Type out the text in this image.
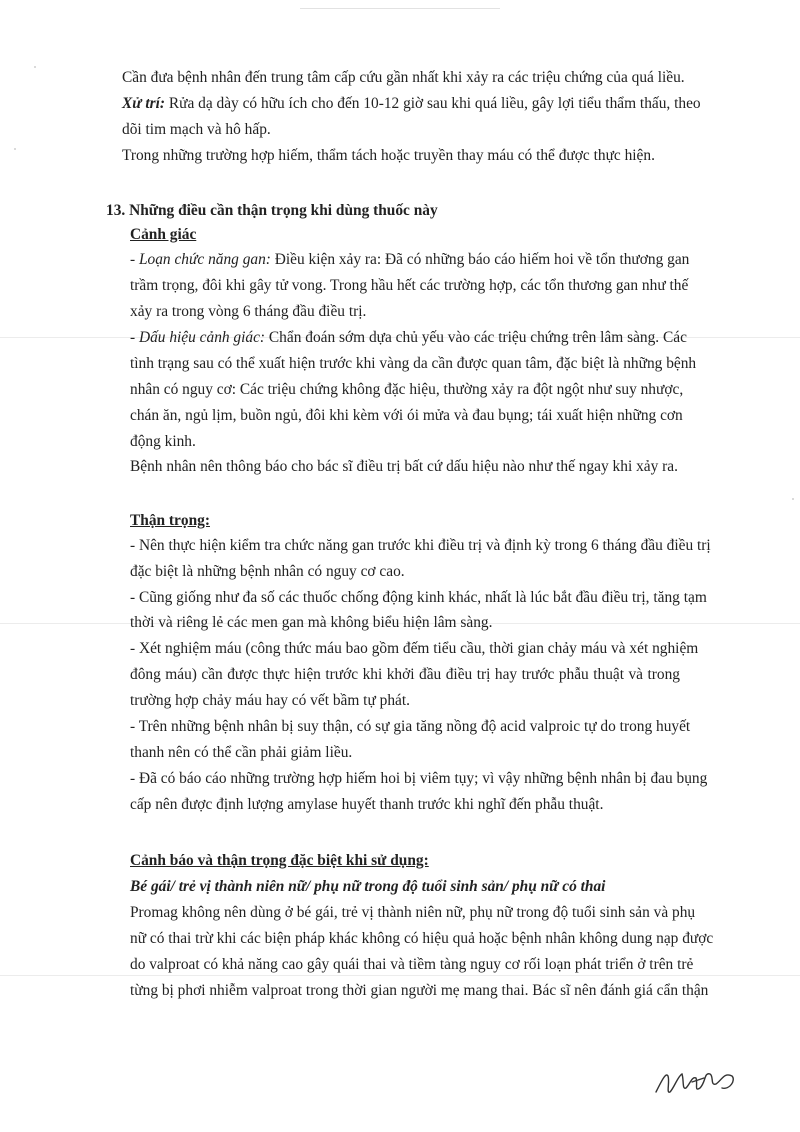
Cần đưa bệnh nhân đến trung tâm cấp cứu gần nhất khi xảy ra các triệu chứng của quá liều.
Xử trí: Rửa dạ dày có hữu ích cho đến 10-12 giờ sau khi quá liều, gây lợi tiểu thẩm thấu, theo
dõi tim mạch và hô hấp.
Trong những trường hợp hiếm, thẩm tách hoặc truyền thay máu có thể được thực hiện.
13. Những điều cần thận trọng khi dùng thuốc này
Cảnh giác
- Loạn chức năng gan: Điều kiện xảy ra: Đã có những báo cáo hiếm hoi về tổn thương gan
trầm trọng, đôi khi gây tử vong. Trong hầu hết các trường hợp, các tổn thương gan như thế
xảy ra trong vòng 6 tháng đầu điều trị.
- Dấu hiệu cảnh giác: Chẩn đoán sớm dựa chủ yếu vào các triệu chứng trên lâm sàng. Các
tình trạng sau có thể xuất hiện trước khi vàng da cần được quan tâm, đặc biệt là những bệnh
nhân có nguy cơ: Các triệu chứng không đặc hiệu, thường xảy ra đột ngột như suy nhược,
chán ăn, ngủ lịm, buồn ngủ, đôi khi kèm với ói mửa và đau bụng; tái xuất hiện những cơn
động kinh.
Bệnh nhân nên thông báo cho bác sĩ điều trị bất cứ dấu hiệu nào như thế ngay khi xảy ra.
Thận trọng:
- Nên thực hiện kiểm tra chức năng gan trước khi điều trị và định kỳ trong 6 tháng đầu điều trị
đặc biệt là những bệnh nhân có nguy cơ cao.
- Cũng giống như đa số các thuốc chống động kinh khác, nhất là lúc bắt đầu điều trị, tăng tạm
thời và riêng lẻ các men gan mà không biểu hiện lâm sàng.
- Xét nghiệm máu (công thức máu bao gồm đếm tiểu cầu, thời gian chảy máu và xét nghiệm
đông máu) cần được thực hiện trước khi khởi đầu điều trị hay trước phẫu thuật và trong
trường hợp chảy máu hay có vết bầm tự phát.
- Trên những bệnh nhân bị suy thận, có sự gia tăng nồng độ acid valproic tự do trong huyết
thanh nên có thể cần phải giảm liều.
- Đã có báo cáo những trường hợp hiếm hoi bị viêm tụy; vì vậy những bệnh nhân bị đau bụng
cấp nên được định lượng amylase huyết thanh trước khi nghĩ đến phẫu thuật.
Cảnh báo và thận trọng đặc biệt khi sử dụng:
Bé gái/ trẻ vị thành niên nữ/ phụ nữ trong độ tuổi sinh sản/ phụ nữ có thai
Promag không nên dùng ở bé gái, trẻ vị thành niên nữ, phụ nữ trong độ tuổi sinh sản và phụ
nữ có thai trừ khi các biện pháp khác không có hiệu quả hoặc bệnh nhân không dung nạp được
do valproat có khả năng cao gây quái thai và tiềm tàng nguy cơ rối loạn phát triển ở trên trẻ
từng bị phơi nhiễm valproat trong thời gian người mẹ mang thai. Bác sĩ nên đánh giá cẩn thận
